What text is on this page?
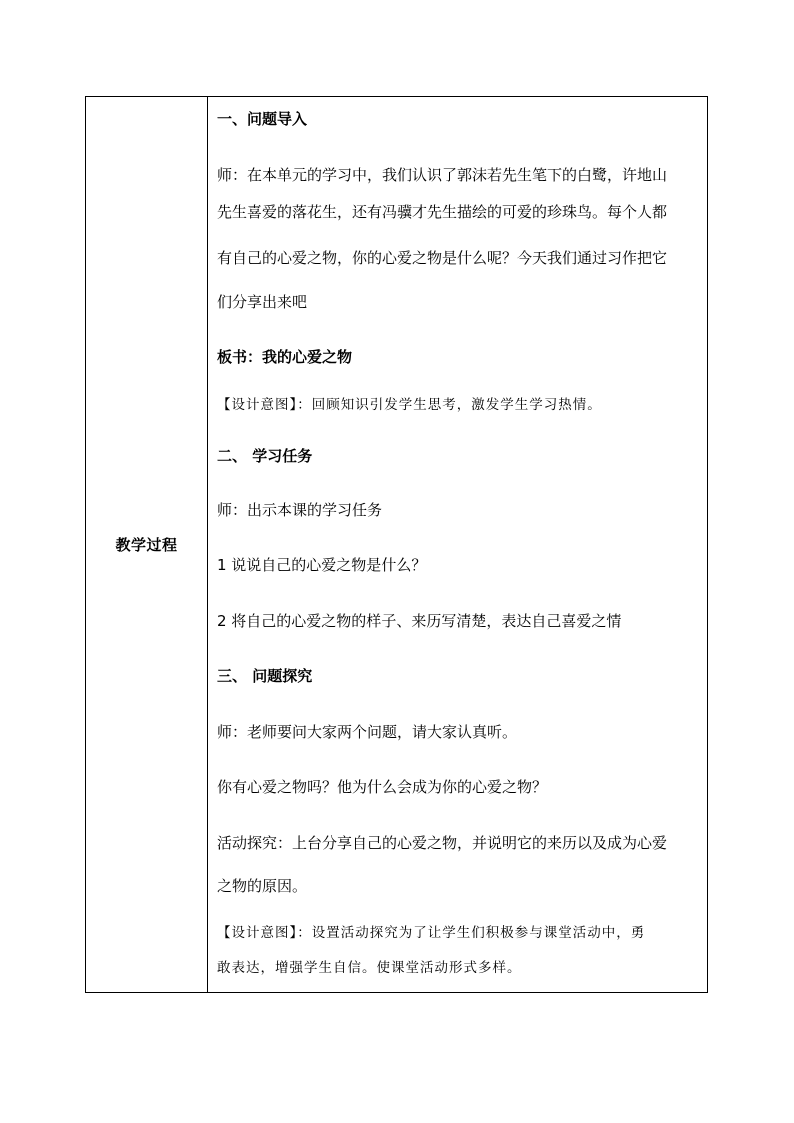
教学过程
一、问题导入
师：在本单元的学习中，我们认识了郭沫若先生笔下的白鹭，许地山
先生喜爱的落花生，还有冯骥才先生描绘的可爱的珍珠鸟。每个人都
有自己的心爱之物，你的心爱之物是什么呢？今天我们通过习作把它
们分享出来吧
板书：我的心爱之物
【设计意图】：回顾知识引发学生思考，激发学生学习热情。
二、 学习任务
师：出示本课的学习任务
1 说说自己的心爱之物是什么？
2 将自己的心爱之物的样子、来历写清楚，表达自己喜爱之情
三、 问题探究
师：老师要问大家两个问题，请大家认真听。
你有心爱之物吗？他为什么会成为你的心爱之物？
活动探究：上台分享自己的心爱之物，并说明它的来历以及成为心爱
之物的原因。
【设计意图】：设置活动探究为了让学生们积极参与课堂活动中，勇
敢表达，增强学生自信。使课堂活动形式多样。
